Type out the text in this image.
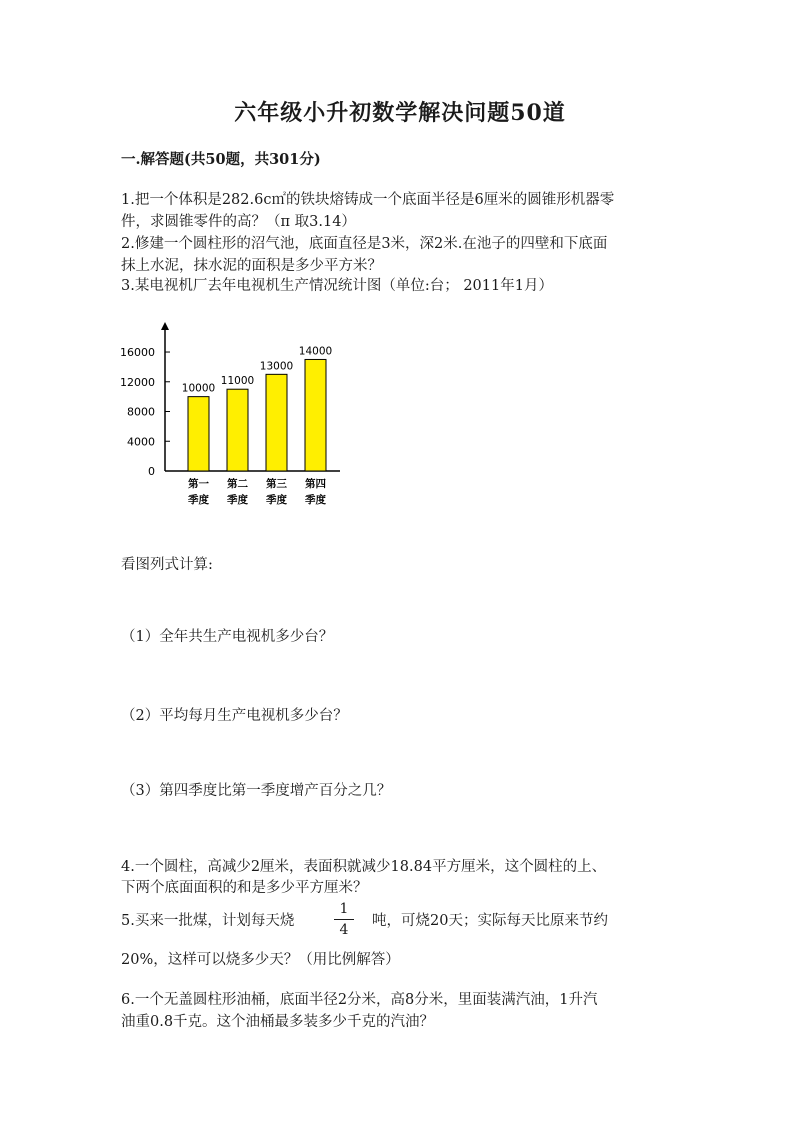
六年级小升初数学解决问题50道
一.解答题(共50题，共301分)
1.把一个体积是282.6c㎡的铁块熔铸成一个底面半径是6厘米的圆锥形机器零
件，求圆锥零件的高？（π 取3.14）
2.修建一个圆柱形的沼气池，底面直径是3米，深2米.在池子的四壁和下底面
抹上水泥，抹水泥的面积是多少平方米？
3.某电视机厂去年电视机生产情况统计图（单位:台； 2011年1月）
0
4000
8000
12000
16000
10000
第一
季度
11000
第二
季度
13000
第三
季度
14000
第四
季度
看图列式计算:
（1）全年共生产电视机多少台？
（2）平均每月生产电视机多少台？
（3）第四季度比第一季度增产百分之几？
4.一个圆柱，高减少2厘米，表面积就减少18.84平方厘米，这个圆柱的上、
下两个底面面积的和是多少平方厘米？
5.买来一批煤，计划每天烧
1
4
吨，可烧20天；实际每天比原来节约
20%，这样可以烧多少天？（用比例解答）
6.一个无盖圆柱形油桶，底面半径2分米，高8分米，里面装满汽油，1升汽
油重0.8千克。这个油桶最多装多少千克的汽油？
